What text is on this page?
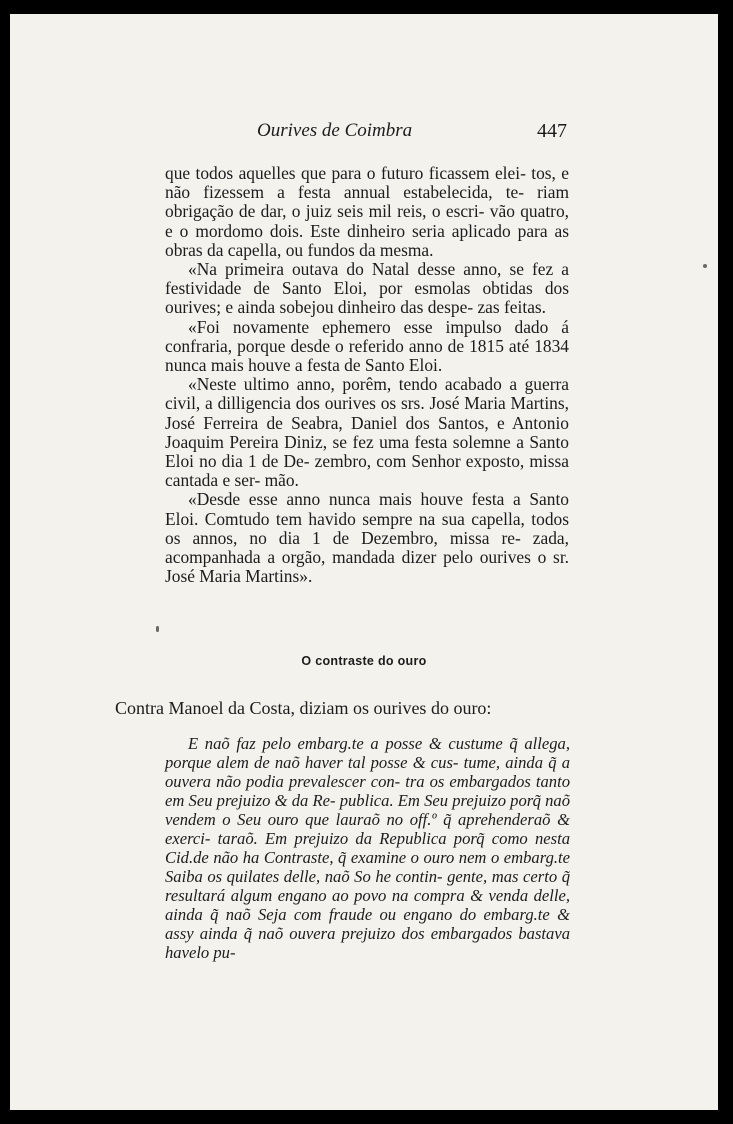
Ourives de Coimbra	447

que todos aquelles que para o futuro ficassem elei- tos, e não fizessem a festa annual estabelecida, te- riam obrigação de dar, o juiz seis mil reis, o escri- vão quatro, e o mordomo dois. Este dinheiro seria aplicado para as obras da capella, ou fundos da mesma.

«Na primeira outava do Natal desse anno, se fez a festividade de Santo Eloi, por esmolas obtidas dos ourives; e ainda sobejou dinheiro das despe- zas feitas.

«Foi novamente ephemero esse impulso dado á confraria, porque desde o referido anno de 1815 até 1834 nunca mais houve a festa de Santo Eloi.

«Neste ultimo anno, porêm, tendo acabado a guerra civil, a dilligencia dos ourives os srs. José Maria Martins, José Ferreira de Seabra, Daniel dos Santos, e Antonio Joaquim Pereira Diniz, se fez uma festa solemne a Santo Eloi no dia 1 de De- zembro, com Senhor exposto, missa cantada e ser- mão.

«Desde esse anno nunca mais houve festa a Santo Eloi. Comtudo tem havido sempre na sua capella, todos os annos, no dia 1 de Dezembro, missa re- zada, acompanhada a orgão, mandada dizer pelo ourives o sr. José Maria Martins».

O contraste do ouro
Contra Manoel da Costa, diziam os ourives do ouro:

E naõ faz pelo embarg.te a posse & custume q̃ allega, porque alem de naõ haver tal posse & cus- tume, ainda q̃ a ouvera não podia prevalescer con- tra os embargados tanto em Seu prejuizo & da Re- publica. Em Seu prejuizo porq̃ naõ vendem o Seu ouro que lauraõ no off.º q̃ aprehenderaõ & exerci- taraõ. Em prejuizo da Republica porq̃ como nesta Cid.de não ha Contraste, q̃ examine o ouro nem o embarg.te Saiba os quilates delle, naõ So he contin- gente, mas certo q̃ resultará algum engano ao povo na compra & venda delle, ainda q̃ naõ Seja com fraude ou engano do embarg.te & assy ainda q̃ naõ ouvera prejuizo dos embargados bastava havelo pu-
